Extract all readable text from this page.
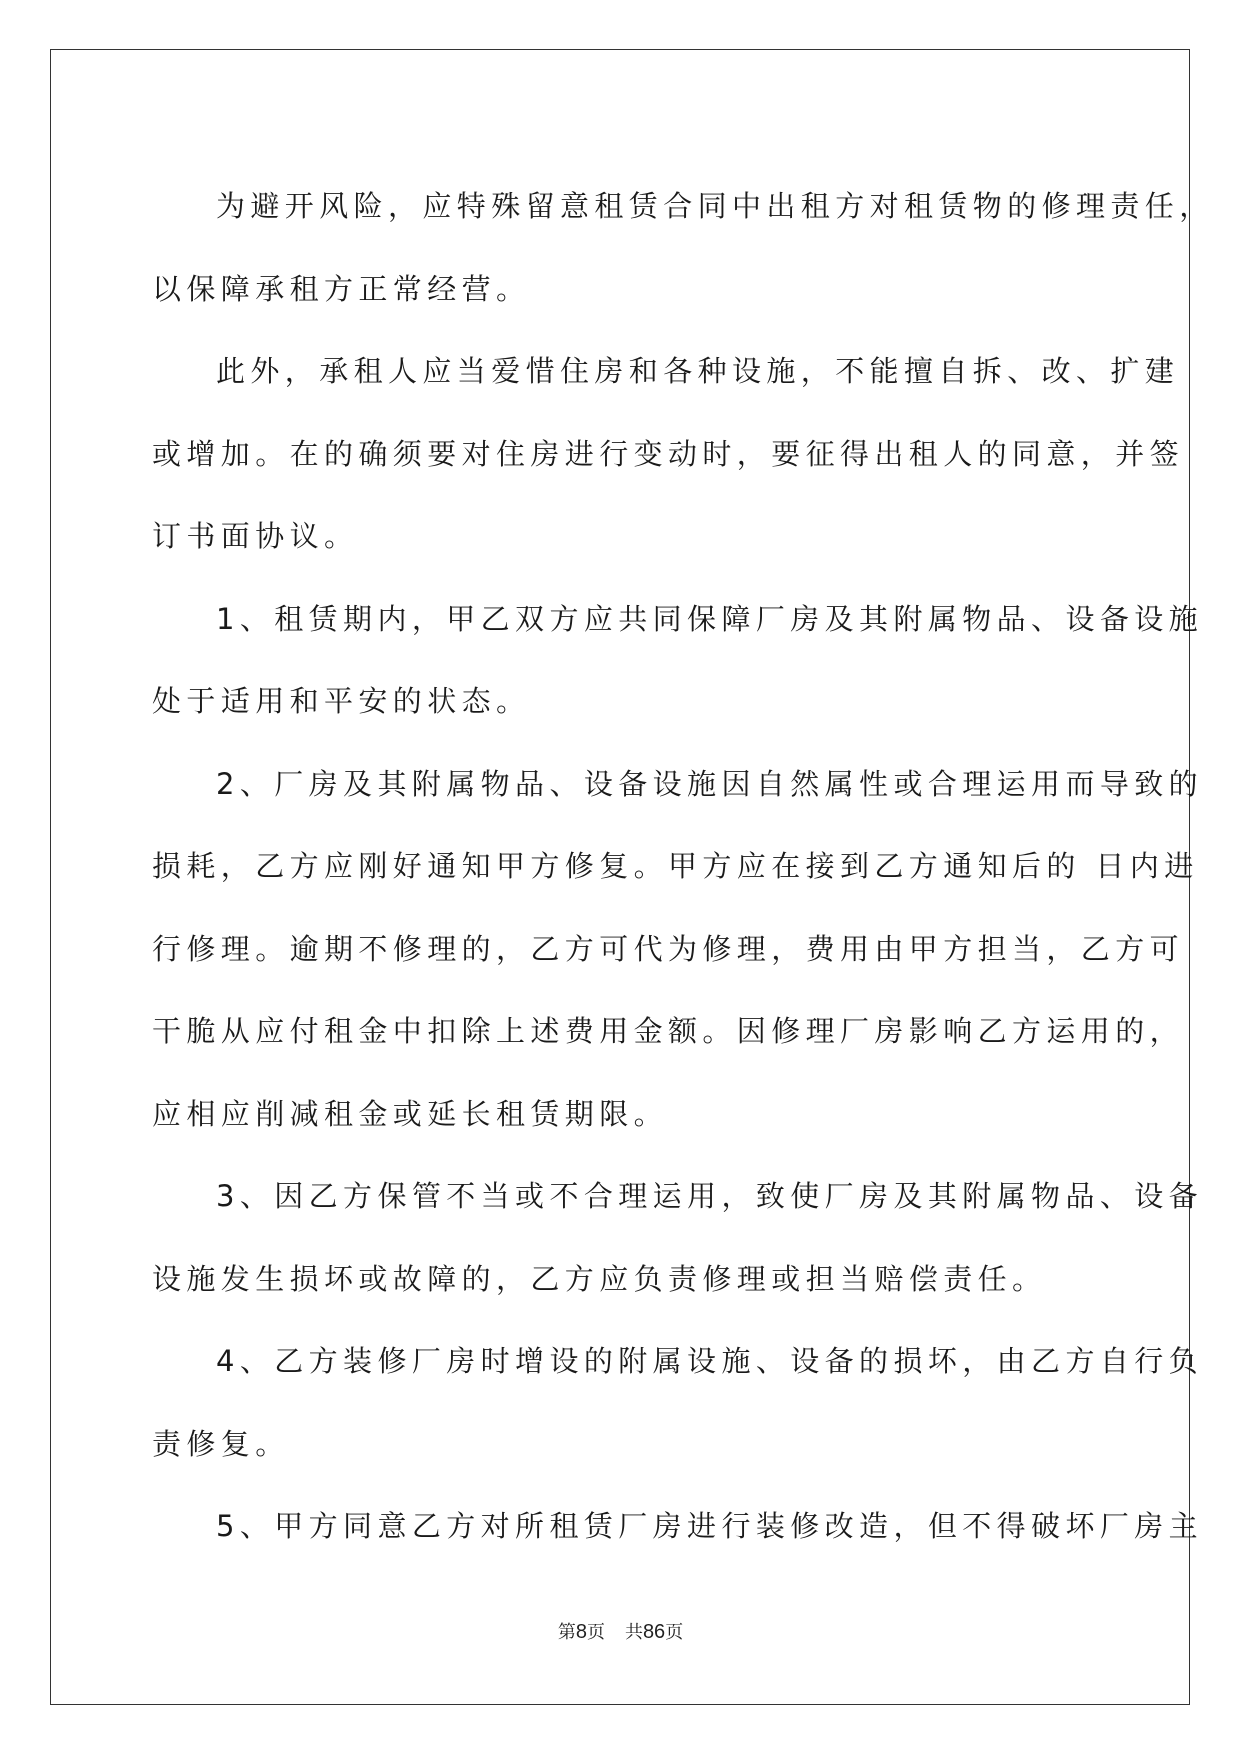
为避开风险，应特殊留意租赁合同中出租方对租赁物的修理责任，
以保障承租方正常经营。
此外，承租人应当爱惜住房和各种设施，不能擅自拆、改、扩建
或增加。在的确须要对住房进行变动时，要征得出租人的同意，并签
订书面协议。
1、租赁期内，甲乙双方应共同保障厂房及其附属物品、设备设施
处于适用和平安的状态。
2、厂房及其附属物品、设备设施因自然属性或合理运用而导致的
损耗，乙方应刚好通知甲方修复。甲方应在接到乙方通知后的 日内进
行修理。逾期不修理的，乙方可代为修理，费用由甲方担当，乙方可
干脆从应付租金中扣除上述费用金额。因修理厂房影响乙方运用的，
应相应削减租金或延长租赁期限。
3、因乙方保管不当或不合理运用，致使厂房及其附属物品、设备
设施发生损坏或故障的，乙方应负责修理或担当赔偿责任。
4、乙方装修厂房时增设的附属设施、设备的损坏，由乙方自行负
责修复。
5、甲方同意乙方对所租赁厂房进行装修改造，但不得破坏厂房主
第8页 共86页
